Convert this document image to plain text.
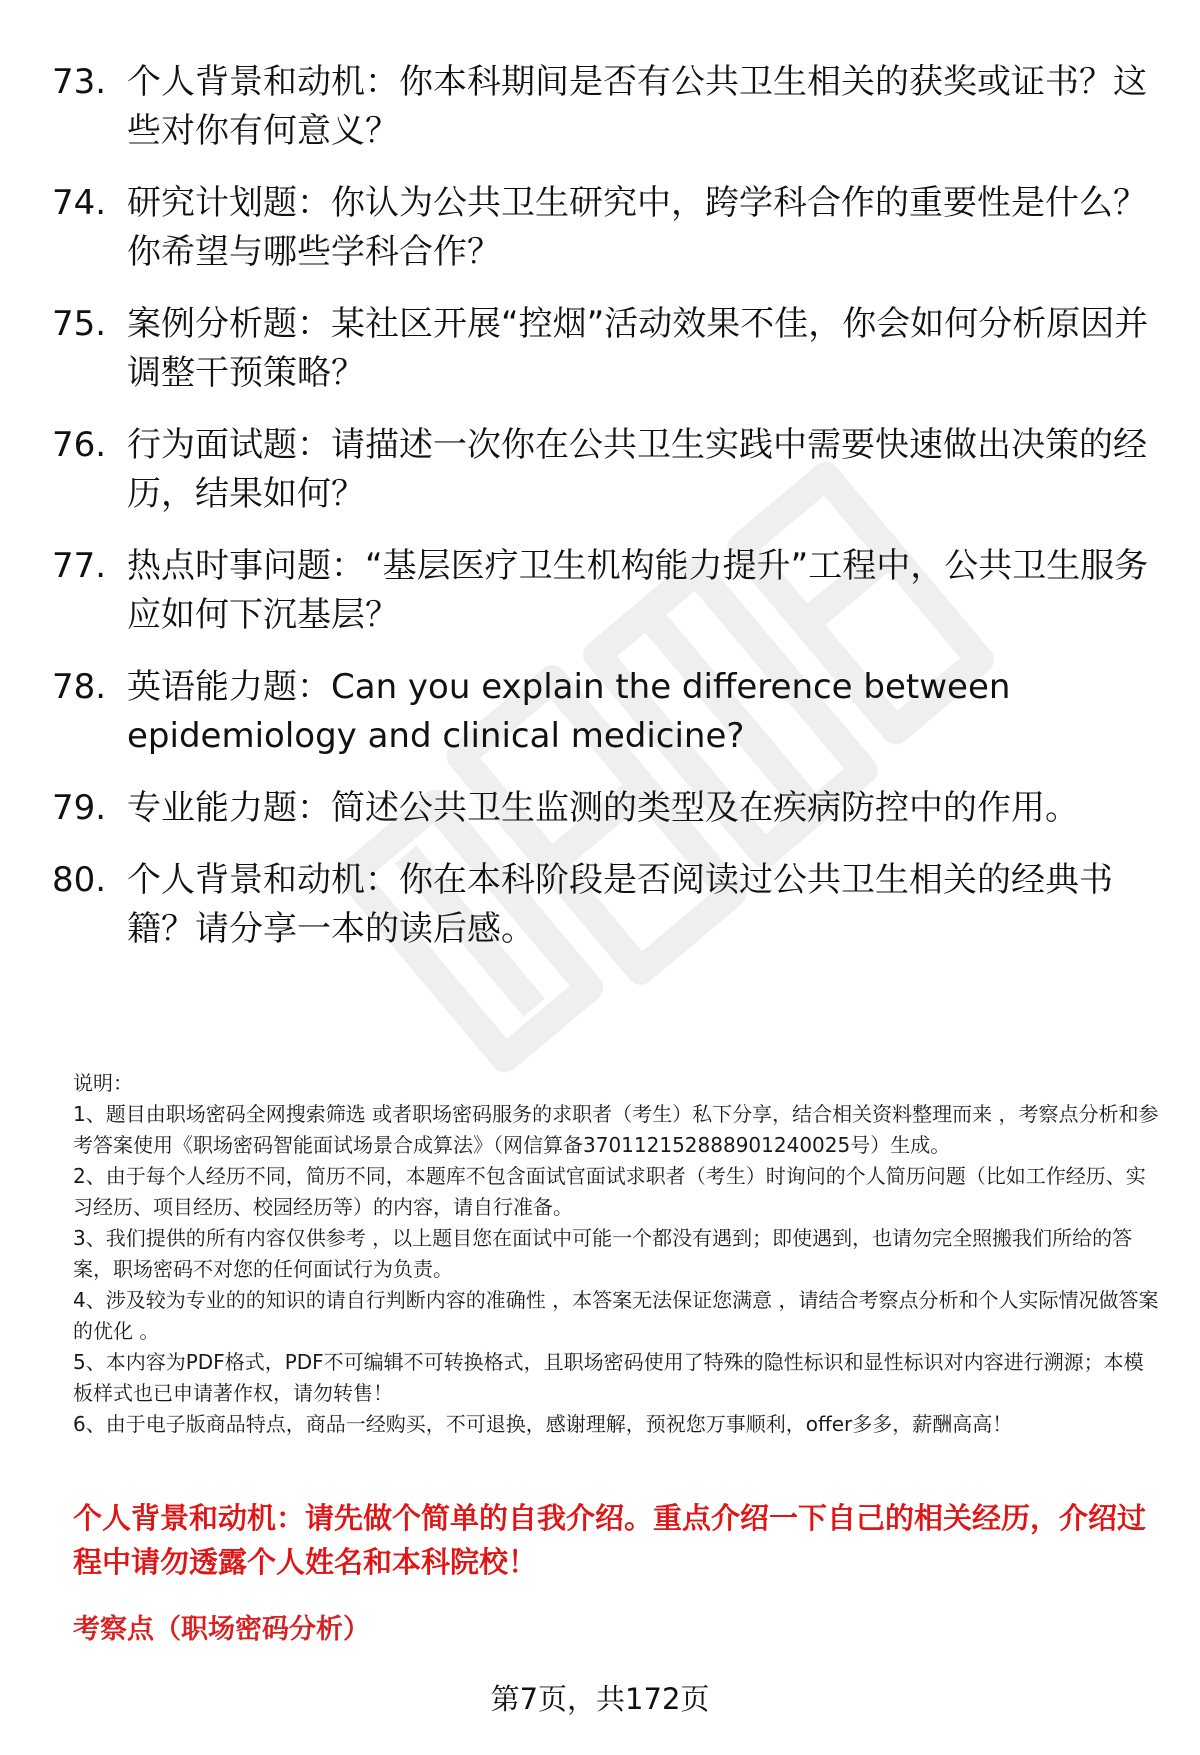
73. 个人背景和动机：你本科期间是否有公共卫生相关的获奖或证书？这些对你有何意义？
74. 研究计划题：你认为公共卫生研究中，跨学科合作的重要性是什么？你希望与哪些学科合作？
75. 案例分析题：某社区开展“控烟”活动效果不佳，你会如何分析原因并调整干预策略？
76. 行为面试题：请描述一次你在公共卫生实践中需要快速做出决策的经历，结果如何？
77. 热点时事问题：“基层医疗卫生机构能力提升”工程中，公共卫生服务应如何下沉基层？
78. 英语能力题：Can you explain the difference between epidemiology and clinical medicine?
79. 专业能力题：简述公共卫生监测的类型及在疾病防控中的作用。
80. 个人背景和动机：你在本科阶段是否阅读过公共卫生相关的经典书籍？请分享一本的读后感。

说明：

1、题目由职场密码全网搜索筛选 或者职场密码服务的求职者（考生）私下分享，结合相关资料整理而来 ，考察点分析和参考答案使用《职场密码智能面试场景合成算法》（网信算备370112152888901240025号）生成。

2、由于每个人经历不同，简历不同，本题库不包含面试官面试求职者（考生）时询问的个人简历问题（比如工作经历、实习经历、项目经历、校园经历等）的内容，请自行准备。

3、我们提供的所有内容仅供参考 ，以上题目您在面试中可能一个都没有遇到；即使遇到，也请勿完全照搬我们所给的答案，职场密码不对您的任何面试行为负责。

4、涉及较为专业的的知识的请自行判断内容的准确性 ，本答案无法保证您满意 ，请结合考察点分析和个人实际情况做答案的优化 。

5、本内容为PDF格式，PDF不可编辑不可转换格式，且职场密码使用了特殊的隐性标识和显性标识对内容进行溯源；本模板样式也已申请著作权，请勿转售！

6、由于电子版商品特点，商品一经购买，不可退换，感谢理解，预祝您万事顺利，offer多多，薪酬高高！

个人背景和动机：请先做个简单的自我介绍。重点介绍一下自己的相关经历，介绍过程中请勿透露个人姓名和本科院校！
考察点（职场密码分析）
第7页，共172页
